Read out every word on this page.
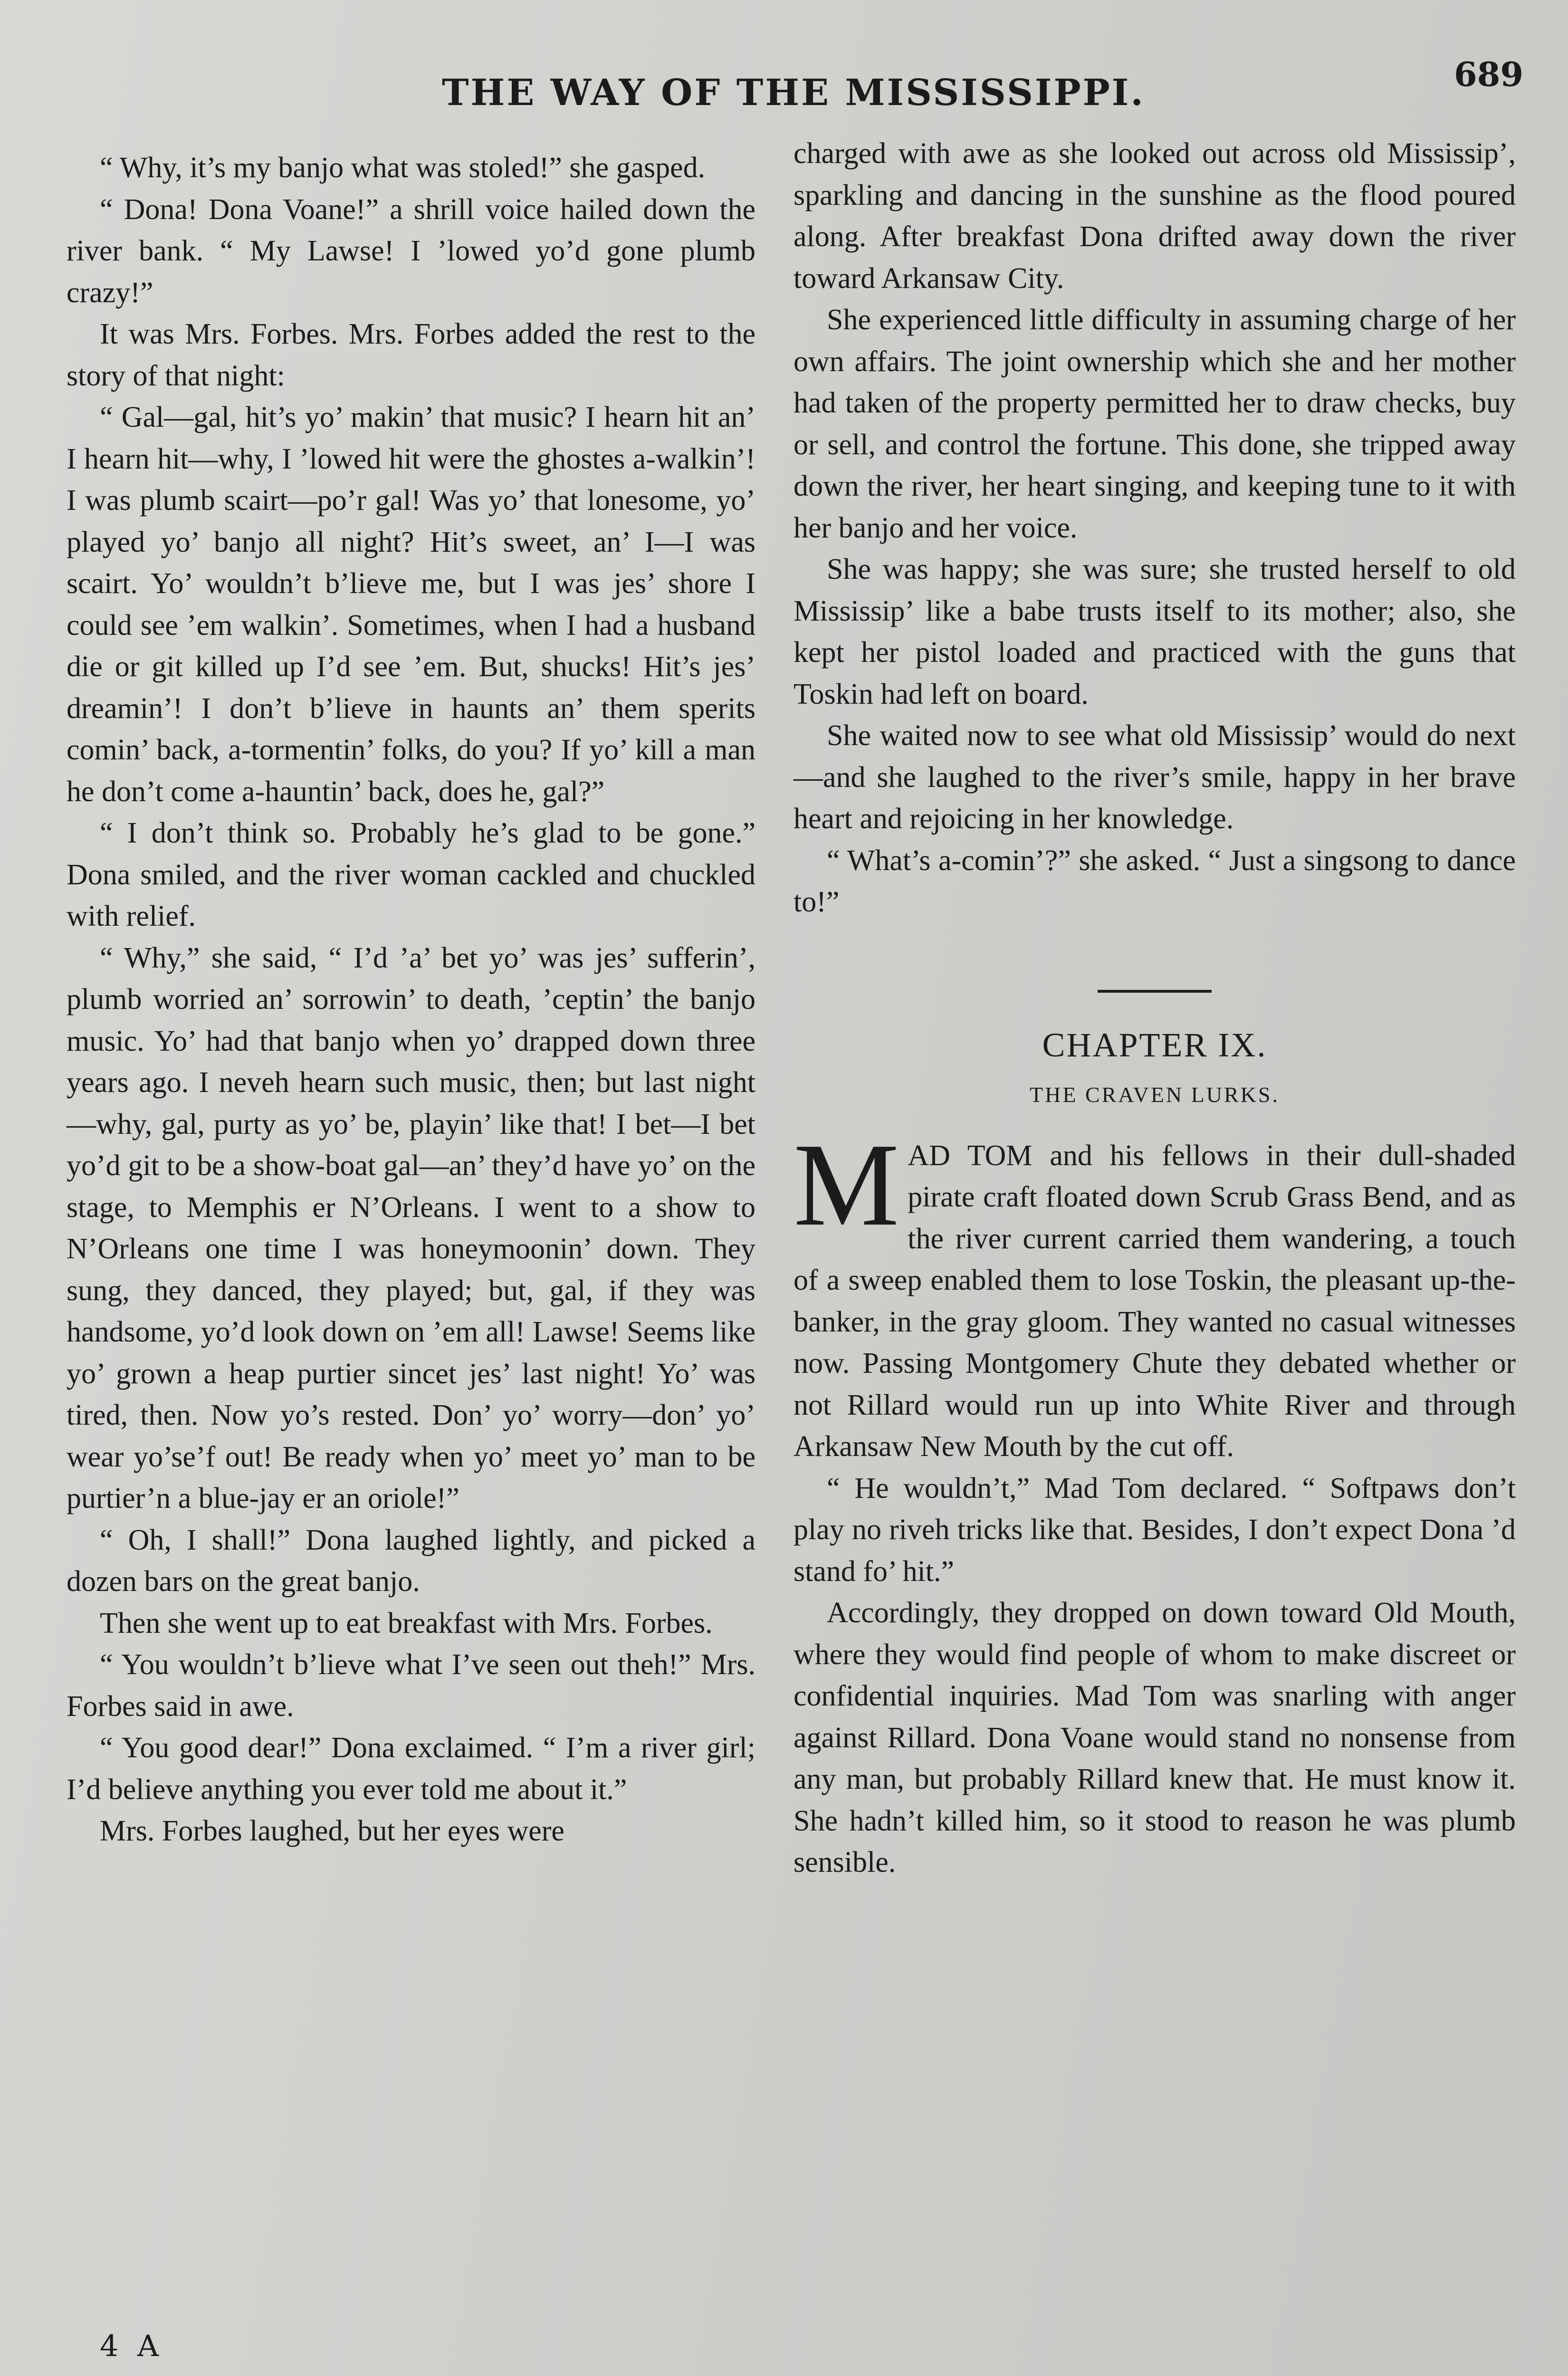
THE WAY OF THE MISSISSIPPI.	689

“ Why, it’s my banjo what was stoled!” she gasped.

“ Dona! Dona Voane!” a shrill voice hailed down the river bank. “ My Lawse! I ’lowed yo’d gone plumb crazy!”

It was Mrs. Forbes. Mrs. Forbes added the rest to the story of that night:

“ Gal—gal, hit’s yo’ makin’ that music? I hearn hit an’ I hearn hit—why, I ’lowed hit were the ghostes a-walkin’! I was plumb scairt—po’r gal! Was yo’ that lonesome, yo’ played yo’ banjo all night? Hit’s sweet, an’ I—I was scairt. Yo’ wouldn’t b’lieve me, but I was jes’ shore I could see ’em walkin’. Sometimes, when I had a husband die or git killed up I’d see ’em. But, shucks! Hit’s jes’ dreamin’! I don’t b’lieve in haunts an’ them sperits comin’ back, a-tormentin’ folks, do you? If yo’ kill a man he don’t come a-hauntin’ back, does he, gal?”

“ I don’t think so. Probably he’s glad to be gone.” Dona smiled, and the river woman cackled and chuckled with relief.

“ Why,” she said, “ I’d ’a’ bet yo’ was jes’ sufferin’, plumb worried an’ sorrowin’ to death, ’ceptin’ the banjo music. Yo’ had that banjo when yo’ drapped down three years ago. I neveh hearn such music, then; but last night—why, gal, purty as yo’ be, playin’ like that! I bet—I bet yo’d git to be a show-boat gal—an’ they’d have yo’ on the stage, to Memphis er N’Orleans. I went to a show to N’Orleans one time I was honeymoonin’ down. They sung, they danced, they played; but, gal, if they was handsome, yo’d look down on ’em all! Lawse! Seems like yo’ grown a heap purtier sincet jes’ last night! Yo’ was tired, then. Now yo’s rested. Don’ yo’ worry—don’ yo’ wear yo’se’f out! Be ready when yo’ meet yo’ man to be purtier’n a blue-jay er an oriole!”

“ Oh, I shall!” Dona laughed lightly, and picked a dozen bars on the great banjo.

Then she went up to eat breakfast with Mrs. Forbes.

“ You wouldn’t b’lieve what I’ve seen out theh!” Mrs. Forbes said in awe.

“ You good dear!” Dona exclaimed. “ I’m a river girl; I’d believe anything you ever told me about it.”

Mrs. Forbes laughed, but her eyes were

charged with awe as she looked out across old Mississip’, sparkling and dancing in the sunshine as the flood poured along. After breakfast Dona drifted away down the river toward Arkansaw City.

She experienced little difficulty in assuming charge of her own affairs. The joint ownership which she and her mother had taken of the property permitted her to draw checks, buy or sell, and control the fortune. This done, she tripped away down the river, her heart singing, and keeping tune to it with her banjo and her voice.

She was happy; she was sure; she trusted herself to old Mississip’ like a babe trusts itself to its mother; also, she kept her pistol loaded and practiced with the guns that Toskin had left on board.

She waited now to see what old Mississip’ would do next—and she laughed to the river’s smile, happy in her brave heart and rejoicing in her knowledge.

“ What’s a-comin’?” she asked. “ Just a singsong to dance to!”

CHAPTER IX.
THE CRAVEN LURKS.

MAD TOM and his fellows in their dull-shaded pirate craft floated down Scrub Grass Bend, and as the river current carried them wandering, a touch of a sweep enabled them to lose Toskin, the pleasant up-the-banker, in the gray gloom. They wanted no casual witnesses now. Passing Montgomery Chute they debated whether or not Rillard would run up into White River and through Arkansaw New Mouth by the cut off.

“ He wouldn’t,” Mad Tom declared. “ Softpaws don’t play no riveh tricks like that. Besides, I don’t expect Dona ’d stand fo’ hit.”

Accordingly, they dropped on down toward Old Mouth, where they would find people of whom to make discreet or confidential inquiries. Mad Tom was snarling with anger against Rillard. Dona Voane would stand no nonsense from any man, but probably Rillard knew that. He must know it. She hadn’t killed him, so it stood to reason he was plumb sensible.

4 A
